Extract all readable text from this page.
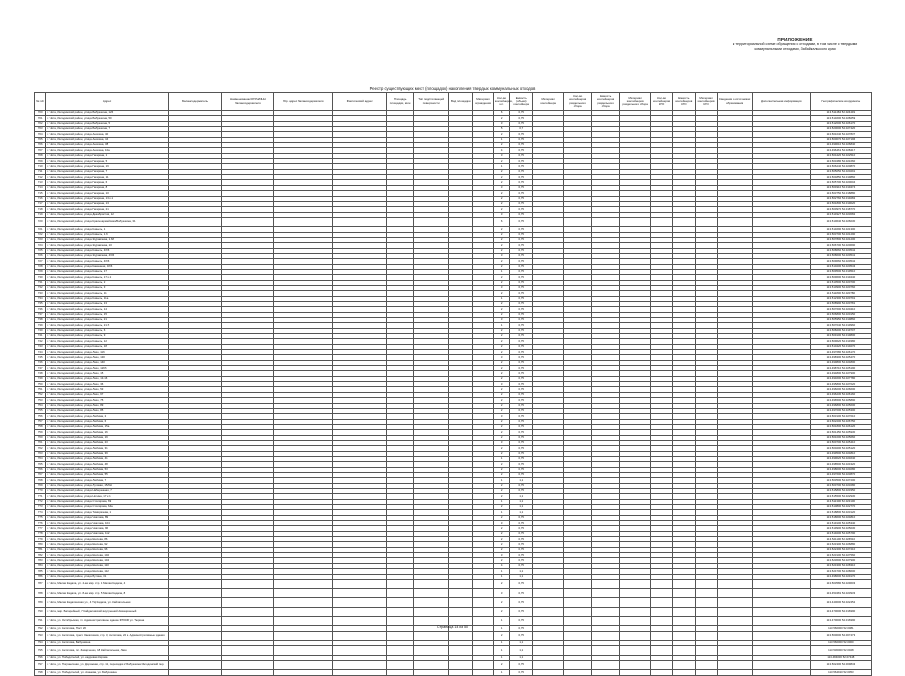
ПРИЛОЖЕНИЕ
к территориальной схеме обращения с отходами, в том числе с твердыми
коммунальными отходами, Забайкальского края
Реестр существующих мест (площадок) накопления твердых коммунальных отходов
№ п/п	Адрес	Балансодержатель	Наименование/ОГРН/ИНН балансодержателя	Юр. адрес балансодержателя	Фактический адрес	Площадь площадки, кв.м	Тип подстилающей поверхности	Вид площадки	Материал ограждения	Кол-во контейнеров, шт.	Емкость (объем) контейнера	Материал контейнера	Кол-во контейнеров раздельного сбора	Емкость контейнеров раздельного сбора	Материал контейнеров раздельного сбора	Кол-во контейнеров КГО	Емкость контейнеров КГО	Материал контейнеров КГО	Сведения о источниках образования	Дополнительная информация	Географические координаты
700	г. Чита, Ингодинский район, улица Бабушкина, 126									6	0,75										113.511484 52.024449
701	г. Чита, Ингодинский район, улица Бабушкина, 50									2	0,75										113.514600 52.028259
702	г. Чита, Ингодинский район, улица Бабушкина, 5									3	0,75										113.512000 52.026170
703	г. Чита, Ингодинский район, улица Бабушкина, 7									5	0,7										113.520000 52.027420
704	г. Чита, Ингодинский район, улица Анохина, 40									2	0,75										113.501040 52.027837
705	г. Чита, Ингодинский район, улица Анохина, 44									1	0,75										113.500070 52.027196
706	г. Чита, Ингодинский район, улица Анохина, 38									2	0,75										113.499010 52.026840
707	г. Чита, Ингодинский район, улица Анохина, 10а									4	0,75										113.496461 52.028417
708	г. Чита, Ингодинский район, улица Гагарина, 1									3	0,75										113.504420 52.022510
709	г. Чита, Ингодинский район, улица Гагарина, 5									2	0,75										113.503480 52.021660
710	г. Чита, Ингодинский район, улица Гагарина, 16									1	0,75										113.506240 52.020870
711	г. Чита, Ингодинский район, улица Гагарина, 7									2	0,75										113.505050 52.020291
712	г. Чита, Ингодинский район, улица Гагарина, 11									2	0,75										113.504850 52.019860
713	г. Чита, Ингодинский район, улица Гагарина, 6									2	0,75										113.505700 52.020004
714	г. Чита, Ингодинский район, улица Гагарина, 8									3	0,75										113.504910 52.019474
715	г. Чита, Ингодинский район, улица Гагарина, 10									2	0,75										113.503750 52.018880
716	г. Чита, Ингодинский район, улица Гагарина, 13 к.1									2	0,75										113.502760 52.019282
717	г. Чита, Ингодинский район, улица Гагарина, 13									2	0,75										113.501800 52.019020
718	г. Чита, Ингодинский район, улица Гагарина, 21									2	0,75										113.500970 52.018770
719	г. Чита, Ингодинский район, улица Декабристов, 12									3	0,75										113.514927 52.023082
720	г. Чита, Ингодинский район, улица Красноармейская/Бабушкина, 31									6	0,75										113.510640 52.026030
721	г. Чита, Ингодинский район, улица Ковыль, 1									2	0,75										113.514690 52.021300
722	г. Чита, Ингодинский район, улица Ковыль, 1.6									2	0,75										113.503700 52.021290
723	г. Чита, Ингодинский район, улица Журавлева, 1.6б									2	0,75										113.507800 52.021200
724	г. Чита, Ингодинский район, улица Журавлева, 10									2	0,75										113.506700 52.020690
725	г. Чита, Ингодинский район, улица Ковыль, 4б/6									2	0,75										113.508660 52.020542
726	г. Чита, Ингодинский район, улица Журавлева, 4б/6									3	0,75										113.508600 52.020541
727	г. Чита, Ингодинский район, улица Ковыль, 4б/6									2	0,75										113.509660 52.020542
728	г. Чита, Ингодинский район, улица Каменная, 4б/6									2	0,75										113.510200 52.020543
729	г. Чита, Ингодинский район, улица Ковыль, 17									1	0,75										113.509500 52.019510
730	г. Чита, Ингодинский район, улица Ковыль, 17 к.1									2	0,75										113.509600 52.019440
731	г. Чита, Ингодинский район, улица Ковыль, 2									2	0,75										113.510500 52.020700
732	г. Чита, Ингодинский район, улица Ковыль, 3									3	0,75										113.510900 52.020760
733	г. Чита, Ингодинский район, улица Ковыль, 11									2	0,75										113.511800 52.020780
734	г. Чита, Ингодинский район, улица Ковыль, 11а									1	0,75										113.512300 52.020791
735	г. Чита, Ингодинский район, улица Ковыль, 13									2	0,75										113.508990 52.020781
736	г. Чита, Ингодинский район, улица Ковыль, 14									2	0,75										113.507600 52.020410
737	г. Чита, Ингодинский район, улица Ковыль, 15									2	0,75										113.506800 52.020150
738	г. Чита, Ингодинский район, улица Ковыль, 21									3	0,75										113.505950 52.019860
739	г. Чита, Ингодинский район, улица Ковыль, 21 б									1	0,75										113.507040 52.019960
740	г. Чита, Ингодинский район, улица Ковыль, 6									2	0,75										113.508200 52.019707
741	г. Чита, Ингодинский район, улица Ковыль, 9									2	0,75										113.509100 52.019800
742	г. Чита, Ингодинский район, улица Ковыль, 12									2	0,75										113.509620 52.019380
743	г. Чита, Ингодинский район, улица Ковыль, 18									2	0,75										113.510420 52.019270
744	г. Чита, Ингодинский район, улица Лазо, 116									2	0,75										113.497680 52.026170
745	г. Чита, Ингодинский район, улица Лазо, 130									3	0,75										113.498300 52.025470
746	г. Чита, Ингодинский район, улица Лазо, 140									2	0,75										113.499800 52.024800
747	г. Чита, Ингодинский район, улица Лазо, 126б									2	0,75										113.498710 52.025190
748	г. Чита, Ингодинский район, улица Лазо, 15									2	0,75										113.494800 52.027900
749	г. Чита, Ингодинский район, улица Лазо, 13-16									2	0,75										113.494600 52.027780
750	г. Чита, Ингодинский район, улица Лазо, 36									3	0,75										113.495800 52.027020
751	г. Чита, Ингодинский район, улица Лазо, 53									2	0,75										113.496000 52.026600
752	г. Чита, Ингодинский район, улица Лазо, 67									2	0,75										113.496230 52.026160
753	г. Чита, Ингодинский район, улица Лазо, 75									2	0,75										113.496500 52.025890
754	г. Чита, Ингодинский район, улица Лазо, 89									2	0,75										113.496800 52.025600
755	г. Чита, Ингодинский район, улица Лазо, 85									2	0,75										113.497000 52.025300
756	г. Чита, Ингодинский район, улица Любима, 2									3	0,75										113.503100 52.027010
757	г. Чита, Ингодинский район, улица Любима, 6									2	0,75										113.502200 52.026750
758	г. Чита, Ингодинский район, улица Любима, 15а									2	0,75										113.501800 52.026120
759	г. Чита, Ингодинский район, улица Любима, 16									2	0,75										113.501450 52.025930
760	г. Чита, Ингодинский район, улица Любима, 19									2	0,75										113.501000 52.025660
761	г. Чита, Ингодинский район, улица Любима, 23									3	0,75										113.500700 52.025410
762	г. Чита, Ингодинский район, улица Любима, 31									2	0,75										113.500200 52.025120
763	г. Чита, Ингодинский район, улица Любима, 39									2	0,75										113.499500 52.024810
764	г. Чита, Ингодинский район, улица Любима, 41									1	0,75										113.499020 52.024640
765	г. Чита, Ингодинский район, улица Любима, 48									2	0,75										113.498500 52.024320
766	г. Чита, Ингодинский район, улица Любима, 53									2	0,75										113.498000 52.024080
767	г. Чита, Ингодинский район, улица Любима, 55									2	0,75										113.497600 52.023870
768	г. Чита, Ингодинский район, улица Любима, 7									1	1,1										113.503500 52.027200
769	г. Чита, Ингодинский район, улица Луговая, 15/6Н									2	0,75										113.500700 52.023280
770	г. Чита, Ингодинский район, улица Набережная, 7									2	0,75										113.515800 52.023350
771	г. Чита, Ингодинский район, улица Ногина, 17 к.1									2	1,1										113.515500 52.022930
772	г. Чита, Ингодинский район, улица Столярова, 69									1	1,1										113.511300 52.023100
773	г. Чита, Ингодинский район, улица Столярова, 64а									2	1,1										113.510800 52.022770
774	г. Чита, Ингодинский район, улица Тимирязева, 1									1	1,1										113.518800 52.023120
775	г. Чита, Ингодинский район, улица Чкалова, 89									2	0,75										113.518600 52.024810
776	г. Чита, Ингодинский район, улица Чкалова, 104									3	0,75										113.519100 52.025340
777	г. Чита, Ингодинский район, улица Чкалова, 96									2	0,75										113.519900 52.025030
778	г. Чита, Ингодинский район, улица Чкалова, 112									2	0,75										113.519200 52.025790
779	г. Чита, Ингодинский район, улица Шилова, 86									2	0,75										113.521100 52.026510
780	г. Чита, Ингодинский район, улица Шилова, 92									2	0,75										113.521900 52.026880
781	г. Чита, Ингодинский район, улица Шилова, 96									2	0,75										113.522400 52.027210
782	г. Чита, Ингодинский район, улица Шилова, 102									3	0,75										113.523100 52.027560
783	г. Чита, Ингодинский район, улица Шилова, 104									2	0,75										113.523600 52.027900
784	г. Чита, Ингодинский район, улица Шилова, 110									4	0,75										113.524300 52.028310
785	г. Чита, Ингодинский район, улица Шилова, 112									1	1,1										113.524700 52.028600
786	г. Чита, Ингодинский район, улица Бутина, 31									1	1,1										113.498600 52.029170
787	г. Чита, Малая Кадала, ул. 4-ая мкр. стр. 1 Малая Кадала, 4									2	0,75										113.503580 52.029603
788	г. Чита, Малая Кадала, ул. 8-ая мкр. стр. 5 Малая Кадала, 8									3	0,75										113.453481 52.023933
789	г. Чита, Малая Кадалинская ул., 4 ТЦ Кадала, ул. Кайлагольная									2	0,75										113.440000 52.022452
790	г. Чита, мкр. Батарейный, 7 Кайдаловский внутренний Авиационный									2	0,75										113.470000 52.016990
791	г. Чита, ул. Октябрьская, гп. Административное здание ФТОКФ ул. Тюрина									1	0,75										113.470000 52.016990
792	г. Чита, ул. Антипова, Пост 20									1	0,75										113.560000 52.0081
793	г. Чита, ул. Антипова, пункт. Заказчиков, стр. 3, Антипова, 22 к. Административные здания									2	0,75										113.560000 52.007473
794	г. Чита, ул. Антипова, Бабушкина									1	1,1										113.560000 52.0000
795	г. Чита, ул. Антипова, пл. Захарченко, 18 Кайлагольная, Лазо									1	1,1										113.530000 52.0028
796	г. Чита, ул. Победителей, ул. кадровая Кирова									1	1,1										113.484000 52.07448
797	г. Чита, ул. Пограничная, ул. Дорожная, стр. 11, пересадки 2 Бабушкина Ингодинский пер.									2	0,75										113.502400 52.009843
798	г. Чита, ул. Победителей, ул. Азанова, ул. Бабушкина									1	0,75										113.564910 52.0053
Страница 14 из 50
